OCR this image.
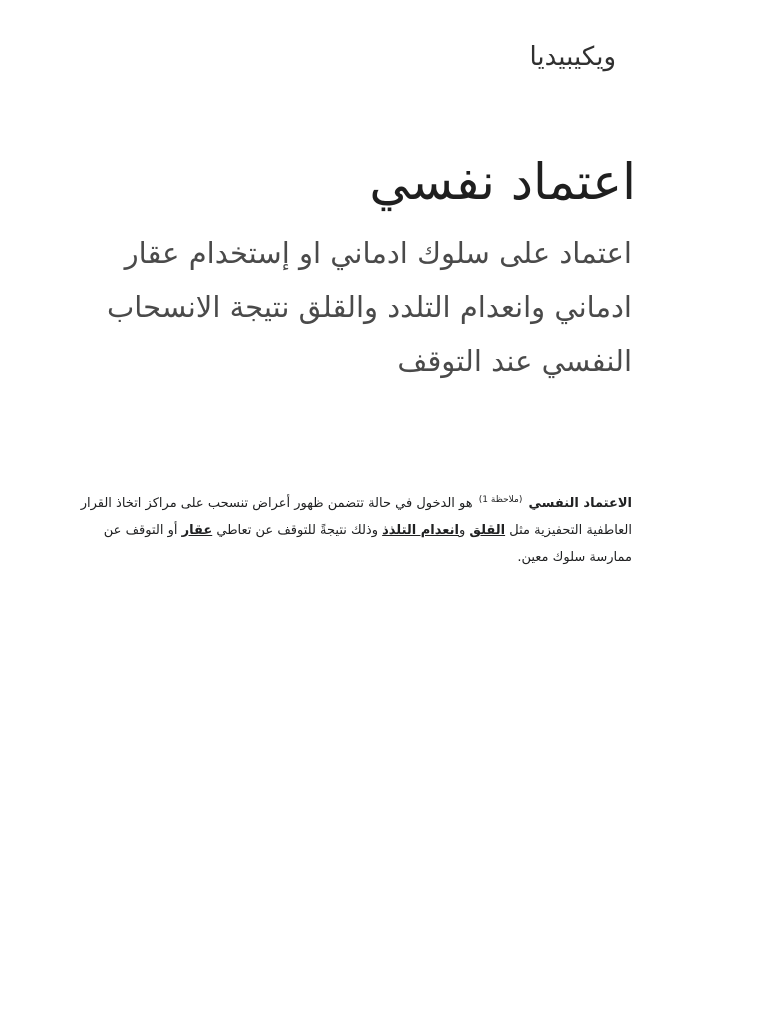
ويكيبيديا
اعتماد نفسي

اعتماد على سلوك ادماني او إستخدام عقار ادماني وانعدام التلدد والقلق نتيجة الانسحاب النفسي عند التوقف

الاعتماد النفسي $^{(ملاحظة 1)}$ هو الدخول في حالة تتضمن ظهور أعراض تنسحب على مراكز اتخاذ القرار العاطفية التحفيزية مثل القلق وانعدام التلذذ وذلك نتيجةً للتوقف عن تعاطي عقار أو التوقف عن ممارسة سلوك معين.
